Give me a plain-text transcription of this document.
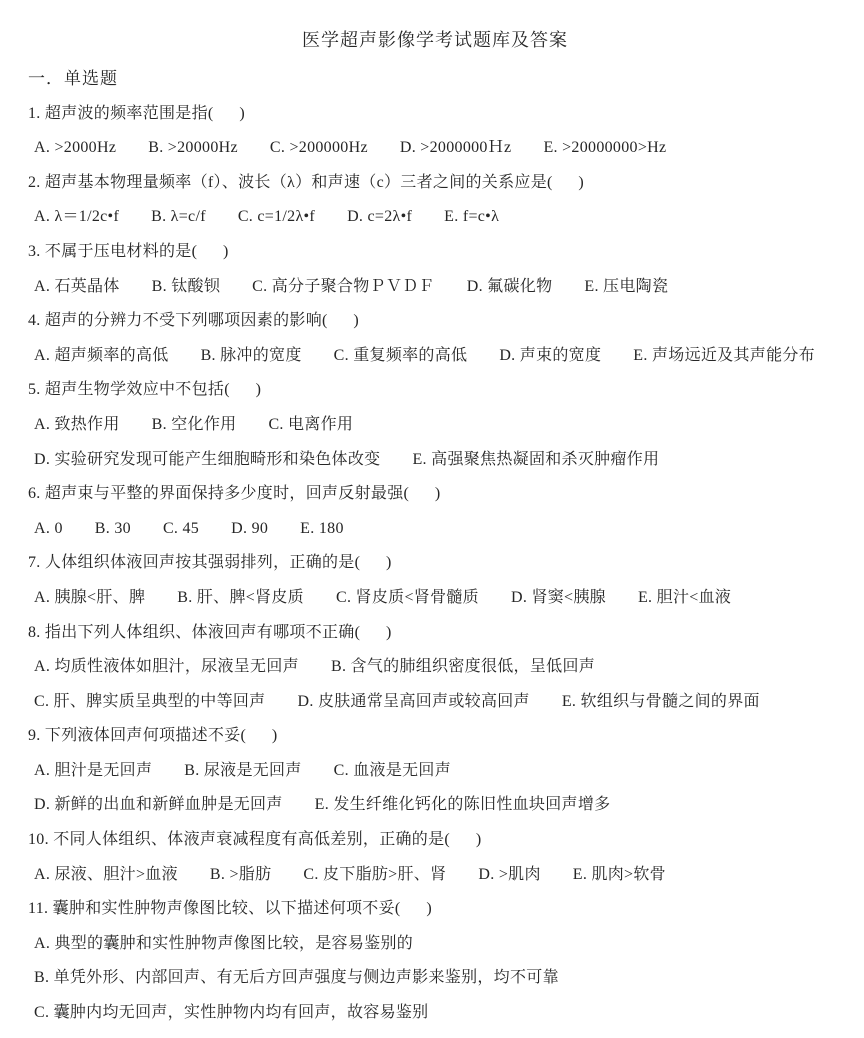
医学超声影像学考试题库及答案
一．单选题
1. 超声波的频率范围是指(      )
A. >2000Hz B. >20000Hz C. >200000Hz D. >2000000Ｈz E. >20000000>Hz
2. 超声基本物理量频率（f）、波长（λ）和声速（c）三者之间的关系应是(      )
A. λ＝1/2c•f B. λ=c/f C. c=1/2λ•f D. c=2λ•f E. f=c•λ
3. 不属于压电材料的是(      )
A. 石英晶体 B. 钛酸钡 C. 高分子聚合物ＰＶＤＦ D. 氟碳化物 E. 压电陶瓷
4. 超声的分辨力不受下列哪项因素的影响(      )
A. 超声频率的高低 B. 脉冲的宽度 C. 重复频率的高低 D. 声束的宽度 E. 声场远近及其声能分布
5. 超声生物学效应中不包括(      )
A. 致热作用 B. 空化作用 C. 电离作用
D. 实验研究发现可能产生细胞畸形和染色体改变 E. 高强聚焦热凝固和杀灭肿瘤作用
6. 超声束与平整的界面保持多少度时，回声反射最强(      )
A. 0 B. 30 C. 45 D. 90 E. 180
7. 人体组织体液回声按其强弱排列，正确的是(      )
A. 胰腺<肝、脾 B. 肝、脾<肾皮质 C. 肾皮质<肾骨髓质 D. 肾窦<胰腺 E. 胆汁<血液
8. 指出下列人体组织、体液回声有哪项不正确(      )
A. 均质性液体如胆汁，尿液呈无回声 B. 含气的肺组织密度很低，呈低回声
C. 肝、脾实质呈典型的中等回声 D. 皮肤通常呈高回声或较高回声 E. 软组织与骨髓之间的界面
9. 下列液体回声何项描述不妥(      )
A. 胆汁是无回声 B. 尿液是无回声 C. 血液是无回声
D. 新鲜的出血和新鲜血肿是无回声 E. 发生纤维化钙化的陈旧性血块回声增多
10. 不同人体组织、体液声衰减程度有高低差别，正确的是(      )
A. 尿液、胆汁>血液 B. >脂肪 C. 皮下脂肪>肝、肾 D. >肌肉 E. 肌肉>软骨
11. 囊肿和实性肿物声像图比较、以下描述何项不妥(      )
A. 典型的囊肿和实性肿物声像图比较，是容易鉴别的
B. 单凭外形、内部回声、有无后方回声强度与侧边声影来鉴别，均不可靠
C. 囊肿内均无回声，实性肿物内均有回声，故容易鉴别
